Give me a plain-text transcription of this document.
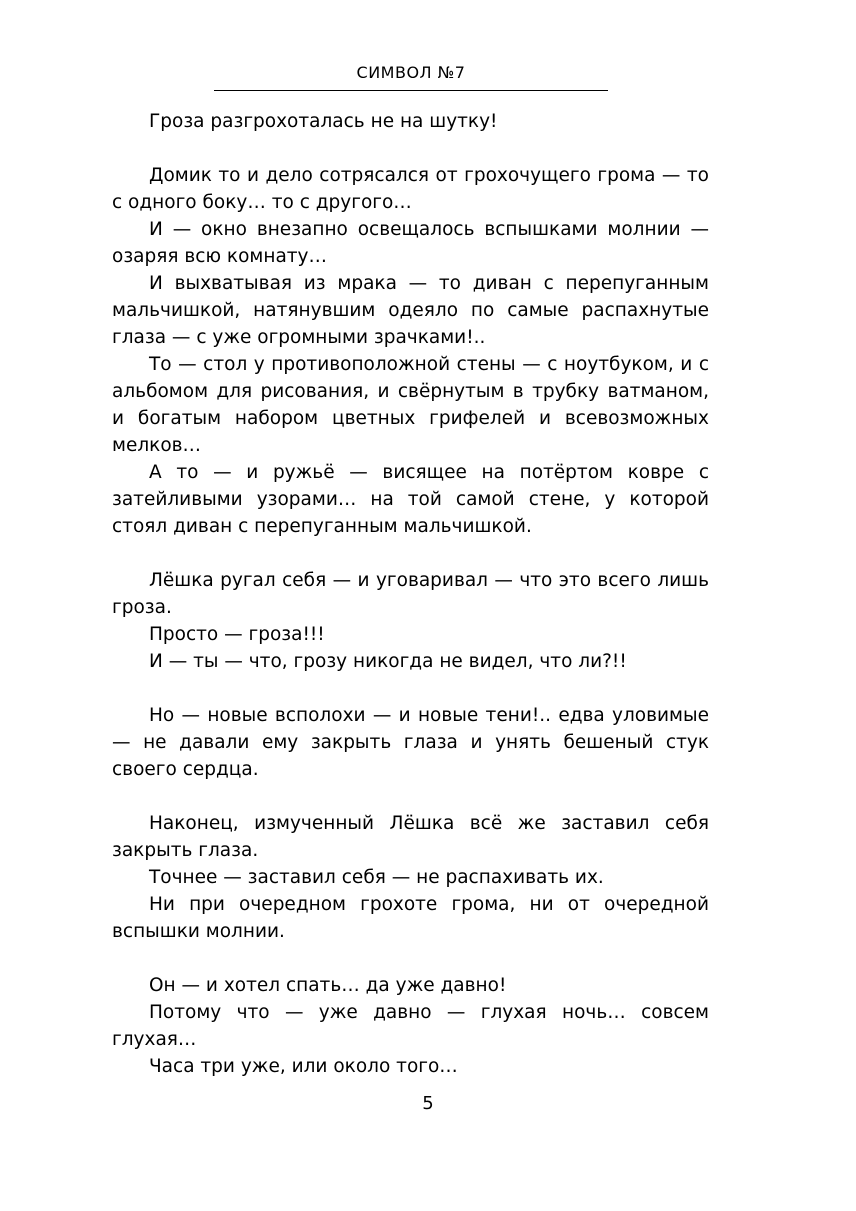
СИМВОЛ №7

Гроза разгрохоталась не на шутку!

Домик то и дело сотрясался от грохочущего грома — то с одного боку… то с другого…

И — окно внезапно освещалось вспышками молнии — озаряя всю комнату…

И выхватывая из мрака — то диван с перепуганным мальчишкой, натянувшим одеяло по самые распахнутые глаза — с уже огромными зрачками!..

То — стол у противоположной стены — с ноутбуком, и с альбомом для рисования, и свёрнутым в трубку ватманом, и богатым набором цветных грифелей и всевозможных мелков…

А то — и ружьё — висящее на потёртом ковре с затейливыми узорами… на той самой стене, у которой стоял диван с перепуганным мальчишкой.

Лёшка ругал себя — и уговаривал — что это всего лишь гроза.

Просто — гроза!!!

И — ты — что, грозу никогда не видел, что ли?!!

Но — новые всполохи — и новые тени!.. едва уловимые — не давали ему закрыть глаза и унять бешеный стук своего сердца.

Наконец, измученный Лёшка всё же заставил себя закрыть глаза.

Точнее — заставил себя — не распахивать их.

Ни при очередном грохоте грома, ни от очередной вспышки молнии.

Он — и хотел спать… да уже давно!

Потому что — уже давно — глухая ночь… совсем глухая…

Часа три уже, или около того…

5
